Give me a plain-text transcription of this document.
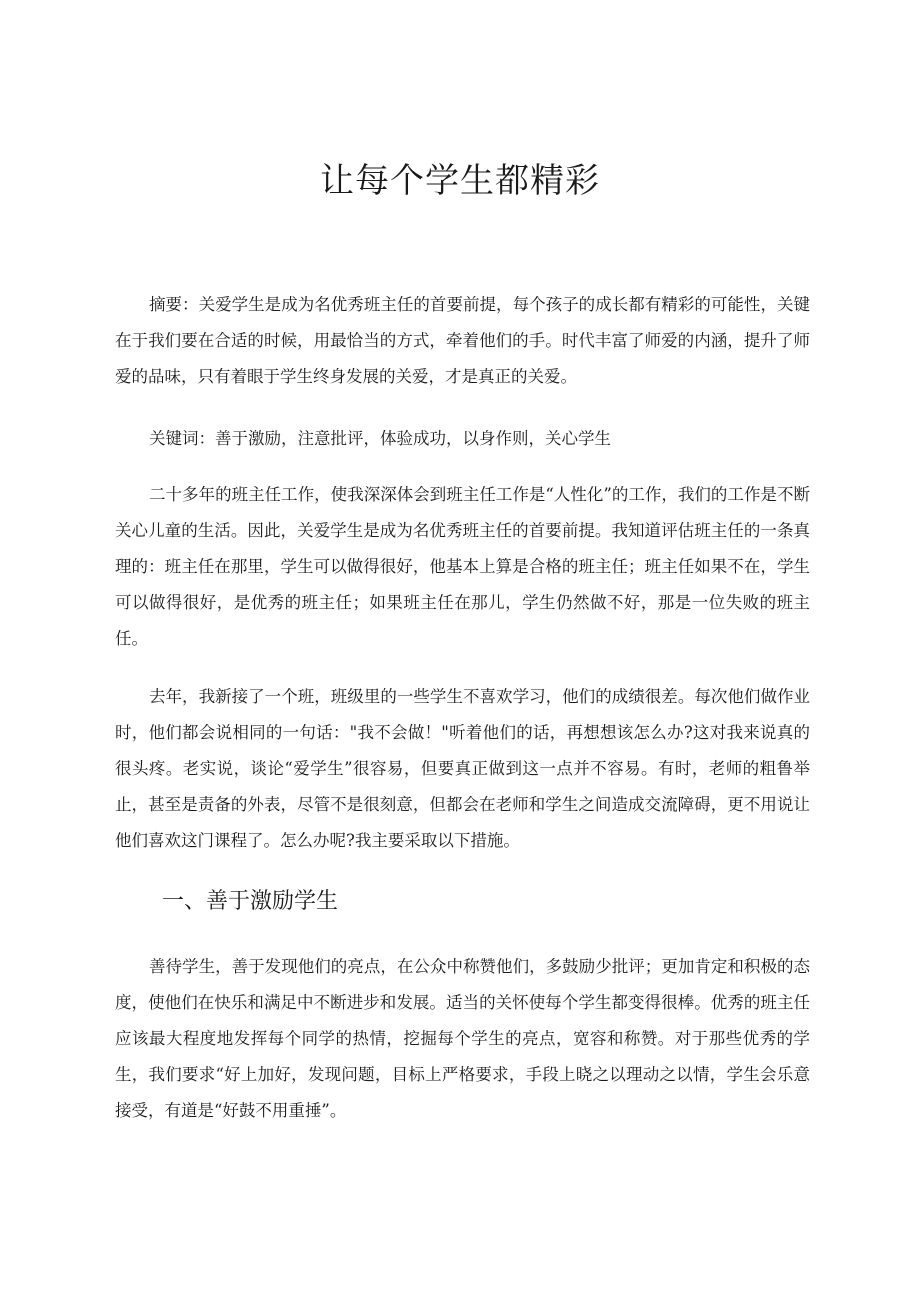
让每个学生都精彩

摘要：关爱学生是成为名优秀班主任的首要前提，每个孩子的成长都有精彩的可能性，关键在于我们要在合适的时候，用最恰当的方式，牵着他们的手。时代丰富了师爱的内涵，提升了师爱的品味，只有着眼于学生终身发展的关爱，才是真正的关爱。

关键词：善于激励，注意批评，体验成功，以身作则，关心学生

二十多年的班主任工作，使我深深体会到班主任工作是“人性化”的工作，我们的工作是不断关心儿童的生活。因此，关爱学生是成为名优秀班主任的首要前提。我知道评估班主任的一条真理的：班主任在那里，学生可以做得很好，他基本上算是合格的班主任；班主任如果不在，学生可以做得很好，是优秀的班主任；如果班主任在那儿，学生仍然做不好，那是一位失败的班主任。

去年，我新接了一个班，班级里的一些学生不喜欢学习，他们的成绩很差。每次他们做作业时，他们都会说相同的一句话："我不会做！"听着他们的话，再想想该怎么办?这对我来说真的很头疼。老实说，谈论“爱学生”很容易，但要真正做到这一点并不容易。有时，老师的粗鲁举止，甚至是责备的外表，尽管不是很刻意，但都会在老师和学生之间造成交流障碍，更不用说让他们喜欢这门课程了。怎么办呢?我主要采取以下措施。

一、善于激励学生

善待学生，善于发现他们的亮点，在公众中称赞他们，多鼓励少批评；更加肯定和积极的态度，使他们在快乐和满足中不断进步和发展。适当的关怀使每个学生都变得很棒。优秀的班主任应该最大程度地发挥每个同学的热情，挖掘每个学生的亮点，宽容和称赞。对于那些优秀的学生，我们要求“好上加好，发现问题，目标上严格要求，手段上晓之以理动之以情，学生会乐意接受，有道是“好鼓不用重捶”。
